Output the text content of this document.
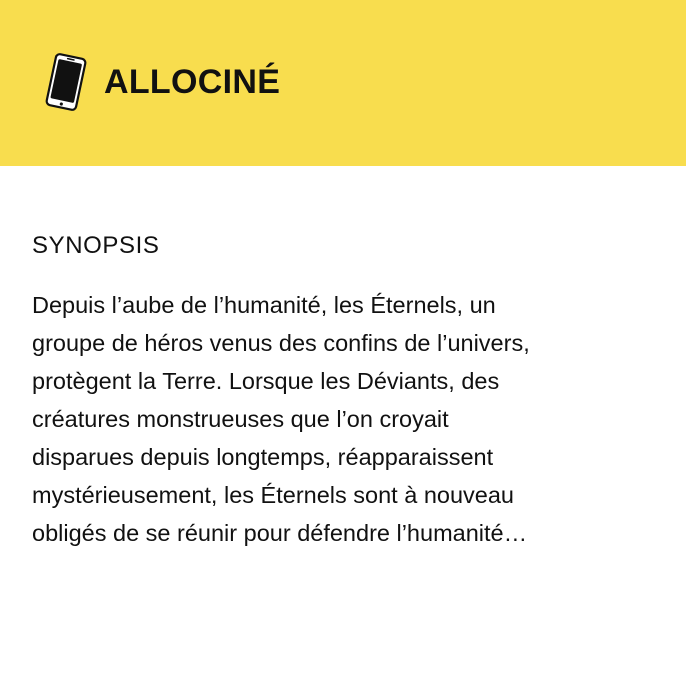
ALLOCINÉ
SYNOPSIS

Depuis l’aube de l’humanité, les Éternels, un
groupe de héros venus des confins de l’univers,
protègent la Terre. Lorsque les Déviants, des
créatures monstrueuses que l’on croyait
disparues depuis longtemps, réapparaissent
mystérieusement, les Éternels sont à nouveau
obligés de se réunir pour défendre l’humanité…
